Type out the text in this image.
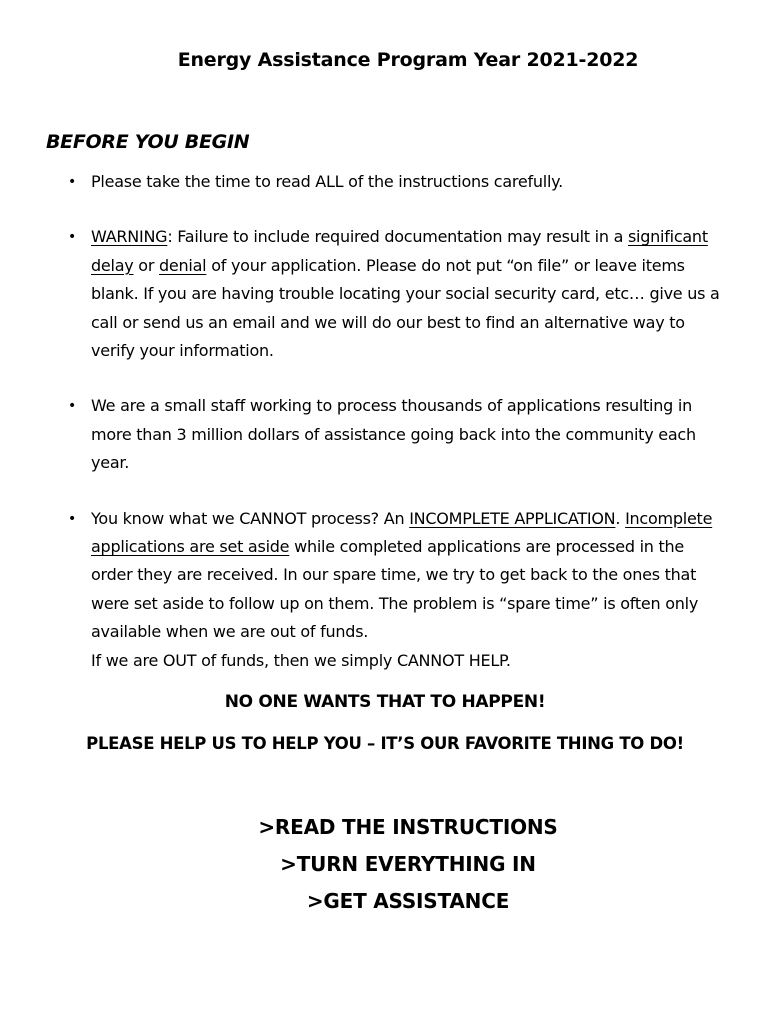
Energy Assistance Program Year 2021-2022
BEFORE YOU BEGIN
• Please take the time to read ALL of the instructions carefully.
• WARNING: Failure to include required documentation may result in a significant delay or denial of your application. Please do not put “on file” or leave items blank. If you are having trouble locating your social security card, etc… give us a call or send us an email and we will do our best to find an alternative way to verify your information.
• We are a small staff working to process thousands of applications resulting in more than 3 million dollars of assistance going back into the community each year.
• You know what we CANNOT process? An INCOMPLETE APPLICATION. Incomplete applications are set aside while completed applications are processed in the order they are received. In our spare time, we try to get back to the ones that were set aside to follow up on them. The problem is “spare time” is often only available when we are out of funds.
If we are OUT of funds, then we simply CANNOT HELP.
NO ONE WANTS THAT TO HAPPEN!
PLEASE HELP US TO HELP YOU – IT’S OUR FAVORITE THING TO DO!
>READ THE INSTRUCTIONS
>TURN EVERYTHING IN
>GET ASSISTANCE
